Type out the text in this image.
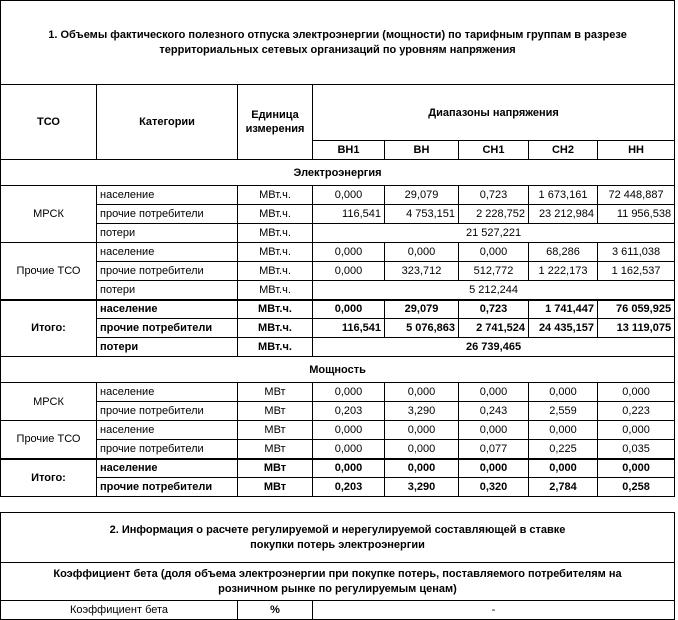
1. Объемы фактического полезного отпуска электроэнергии (мощности) по тарифным группам в разрезе территориальных сетевых организаций по уровням напряжения							
ТСО	Категории	Единица измерения	Диапазоны напряжения				
			ВН1	ВН	СН1	СН2	НН
Электроэнергия							
МРСК	население	МВт.ч.	0,000	29,079	0,723	1 673,161	72 448,887
	прочие потребители	МВт.ч.	116,541	4 753,151	2 228,752	23 212,984	11 956,538
	потери	МВт.ч.	21 527,221				
Прочие ТСО	население	МВт.ч.	0,000	0,000	0,000	68,286	3 611,038
	прочие потребители	МВт.ч.	0,000	323,712	512,772	1 222,173	1 162,537
	потери	МВт.ч.	5 212,244				
Итого:	население	МВт.ч.	0,000	29,079	0,723	1 741,447	76 059,925
	прочие потребители	МВт.ч.	116,541	5 076,863	2 741,524	24 435,157	13 119,075
	потери	МВт.ч.	26 739,465				
Мощность							
МРСК	население	МВт	0,000	0,000	0,000	0,000	0,000
	прочие потребители	МВт	0,203	3,290	0,243	2,559	0,223
Прочие ТСО	население	МВт	0,000	0,000	0,000	0,000	0,000
	прочие потребители	МВт	0,000	0,000	0,077	0,225	0,035
Итого:	население	МВт	0,000	0,000	0,000	0,000	0,000
	прочие потребители	МВт	0,203	3,290	0,320	2,784	0,258
2. Информация о расчете регулируемой и нерегулируемой составляющей в ставке покупки потерь электроэнергии
Коэффициент бета (доля объема электроэнергии при покупке потерь, поставляемого потребителям на розничном рынке по регулируемым ценам)
Коэффициент бета	%	-
